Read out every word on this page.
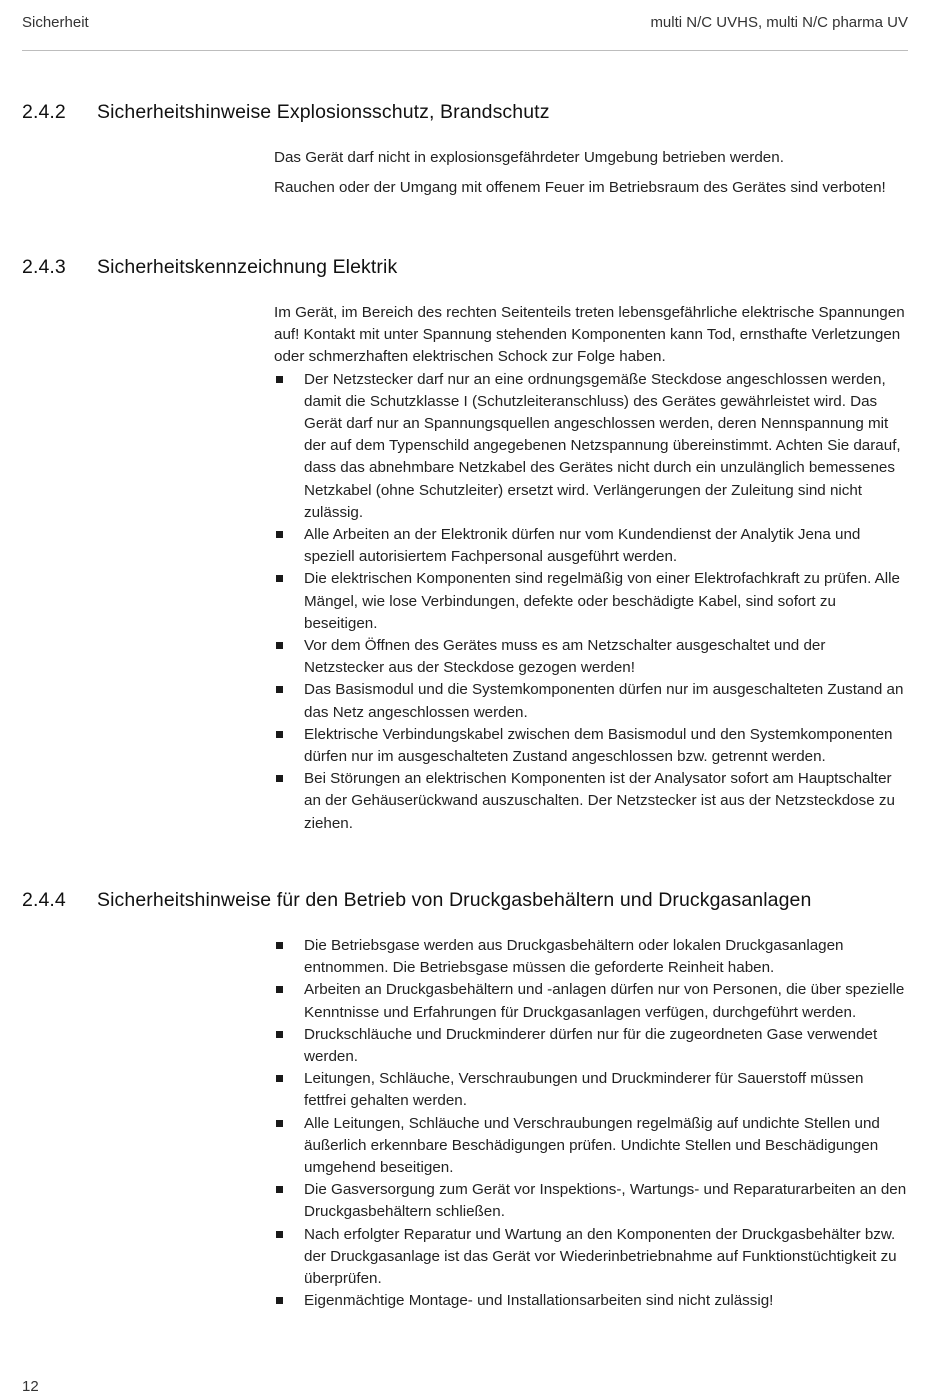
Sicherheit	multi N/C UVHS, multi N/C pharma UV
2.4.2	Sicherheitshinweise Explosionsschutz, Brandschutz

Das Gerät darf nicht in explosionsgefährdeter Umgebung betrieben werden.

Rauchen oder der Umgang mit offenem Feuer im Betriebsraum des Gerätes sind verboten!

2.4.3	Sicherheitskennzeichnung Elektrik

Im Gerät, im Bereich des rechten Seitenteils treten lebensgefährliche elektrische Spannungen auf! Kontakt mit unter Spannung stehenden Komponenten kann Tod, ernsthafte Verletzungen oder schmerzhaften elektrischen Schock zur Folge haben.

Der Netzstecker darf nur an eine ordnungsgemäße Steckdose angeschlossen werden, damit die Schutzklasse I (Schutzleiteranschluss) des Gerätes gewährleistet wird. Das Gerät darf nur an Spannungsquellen angeschlossen werden, deren Nennspannung mit der auf dem Typenschild angegebenen Netzspannung übereinstimmt. Achten Sie darauf, dass das abnehmbare Netzkabel des Gerätes nicht durch ein unzulänglich bemessenes Netzkabel (ohne Schutzleiter) ersetzt wird. Verlängerungen der Zuleitung sind nicht zulässig.
Alle Arbeiten an der Elektronik dürfen nur vom Kundendienst der Analytik Jena und speziell autorisiertem Fachpersonal ausgeführt werden.
Die elektrischen Komponenten sind regelmäßig von einer Elektrofachkraft zu prüfen. Alle Mängel, wie lose Verbindungen, defekte oder beschädigte Kabel, sind sofort zu beseitigen.
Vor dem Öffnen des Gerätes muss es am Netzschalter ausgeschaltet und der Netzstecker aus der Steckdose gezogen werden!
Das Basismodul und die Systemkomponenten dürfen nur im ausgeschalteten Zustand an das Netz angeschlossen werden.
Elektrische Verbindungskabel zwischen dem Basismodul und den Systemkomponenten dürfen nur im ausgeschalteten Zustand angeschlossen bzw. getrennt werden.
Bei Störungen an elektrischen Komponenten ist der Analysator sofort am Hauptschalter an der Gehäuserückwand auszuschalten. Der Netzstecker ist aus der Netzsteckdose zu ziehen.
2.4.4	Sicherheitshinweise für den Betrieb von Druckgasbehältern und Druckgasanlagen
Die Betriebsgase werden aus Druckgasbehältern oder lokalen Druckgasanlagen entnommen. Die Betriebsgase müssen die geforderte Reinheit haben.
Arbeiten an Druckgasbehältern und -anlagen dürfen nur von Personen, die über spezielle Kenntnisse und Erfahrungen für Druckgasanlagen verfügen, durchgeführt werden.
Druckschläuche und Druckminderer dürfen nur für die zugeordneten Gase verwendet werden.
Leitungen, Schläuche, Verschraubungen und Druckminderer für Sauerstoff müssen fettfrei gehalten werden.
Alle Leitungen, Schläuche und Verschraubungen regelmäßig auf undichte Stellen und äußerlich erkennbare Beschädigungen prüfen. Undichte Stellen und Beschädigungen umgehend beseitigen.
Die Gasversorgung zum Gerät vor Inspektions-, Wartungs- und Reparaturarbeiten an den Druckgasbehältern schließen.
Nach erfolgter Reparatur und Wartung an den Komponenten der Druckgasbehälter bzw. der Druckgasanlage ist das Gerät vor Wiederinbetriebnahme auf Funktionstüchtigkeit zu überprüfen.
Eigenmächtige Montage- und Installationsarbeiten sind nicht zulässig!
12
